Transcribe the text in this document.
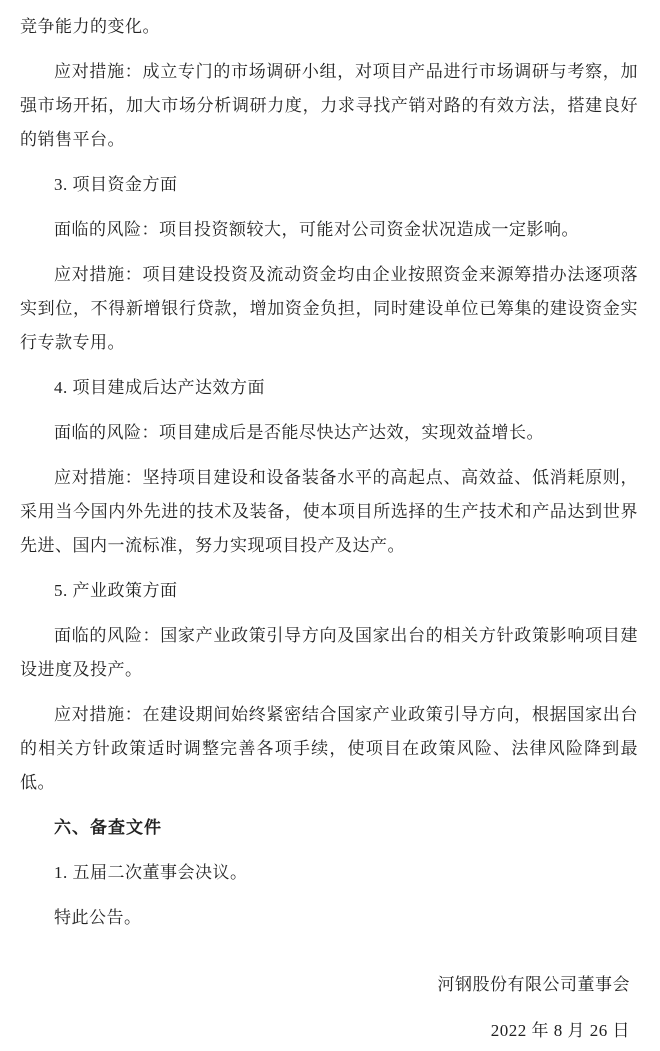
竞争能力的变化。

应对措施：成立专门的市场调研小组，对项目产品进行市场调研与考察，加强市场开拓，加大市场分析调研力度，力求寻找产销对路的有效方法，搭建良好的销售平台。

3. 项目资金方面

面临的风险：项目投资额较大，可能对公司资金状况造成一定影响。

应对措施：项目建设投资及流动资金均由企业按照资金来源筹措办法逐项落实到位，不得新增银行贷款，增加资金负担，同时建设单位已筹集的建设资金实行专款专用。

4. 项目建成后达产达效方面

面临的风险：项目建成后是否能尽快达产达效，实现效益增长。

应对措施：坚持项目建设和设备装备水平的高起点、高效益、低消耗原则，采用当今国内外先进的技术及装备，使本项目所选择的生产技术和产品达到世界先进、国内一流标准，努力实现项目投产及达产。

5. 产业政策方面

面临的风险：国家产业政策引导方向及国家出台的相关方针政策影响项目建设进度及投产。

应对措施：在建设期间始终紧密结合国家产业政策引导方向，根据国家出台的相关方针政策适时调整完善各项手续，使项目在政策风险、法律风险降到最低。

六、备查文件

1. 五届二次董事会决议。

特此公告。

河钢股份有限公司董事会

2022 年 8 月 26 日
